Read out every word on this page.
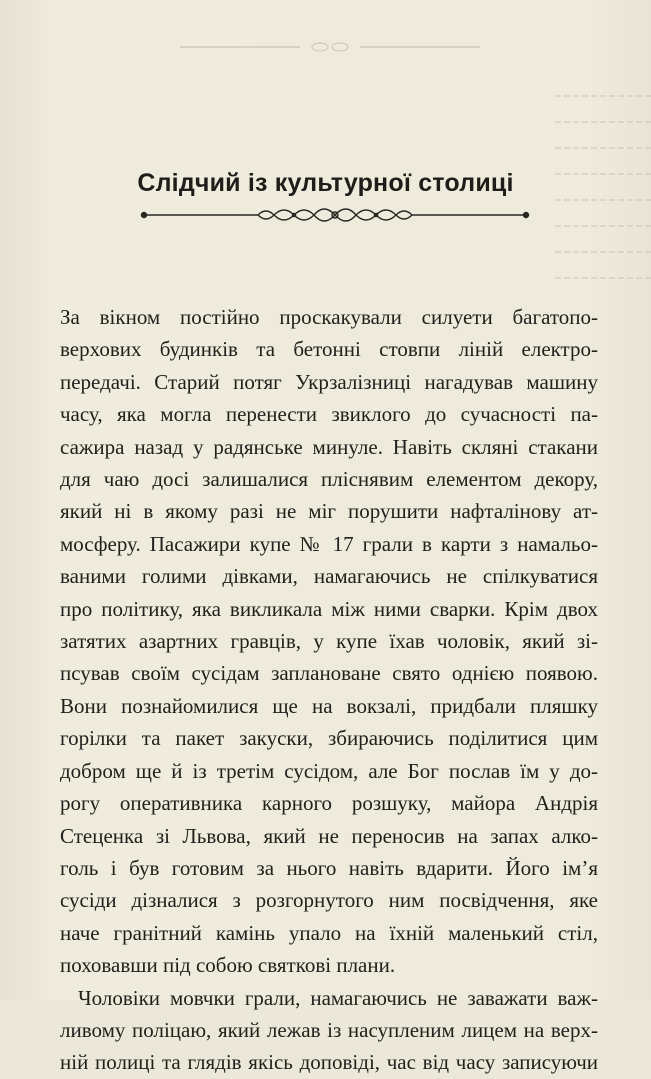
Слідчий із культурної столиці

За вікном постійно проскакували силуети багатопо-

верхових будинків та бетонні стовпи ліній електро-

передачі. Старий потяг Укрзалізниці нагадував машину

часу, яка могла перенести звиклого до сучасності па-

сажира назад у радянське минуле. Навіть скляні стакани

для чаю досі залишалися пліснявим елементом декору,

який ні в якому разі не міг порушити нафталінову ат-

мосферу. Пасажири купе № 17 грали в карти з намальо-

ваними голими дівками, намагаючись не спілкуватися

про політику, яка викликала між ними сварки. Крім двох

затятих азартних гравців, у купе їхав чоловік, який зі-

псував своїм сусідам заплановане свято однією появою.

Вони познайомилися ще на вокзалі, придбали пляшку

горілки та пакет закуски, збираючись поділитися цим

добром ще й із третім сусідом, але Бог послав їм у до-

рогу оперативника карного розшуку, майора Андрія

Стеценка зі Львова, який не переносив на запах алко-

голь і був готовим за нього навіть вдарити. Його ім’я

сусіди дізналися з розгорнутого ним посвідчення, яке

наче гранітний камінь упало на їхній маленький стіл,

поховавши під собою святкові плани.

Чоловіки мовчки грали, намагаючись не заважати важ-

ливому поліцаю, який лежав із насупленим лицем на верх-

ній полиці та глядів якісь доповіді, час від часу записуючи
